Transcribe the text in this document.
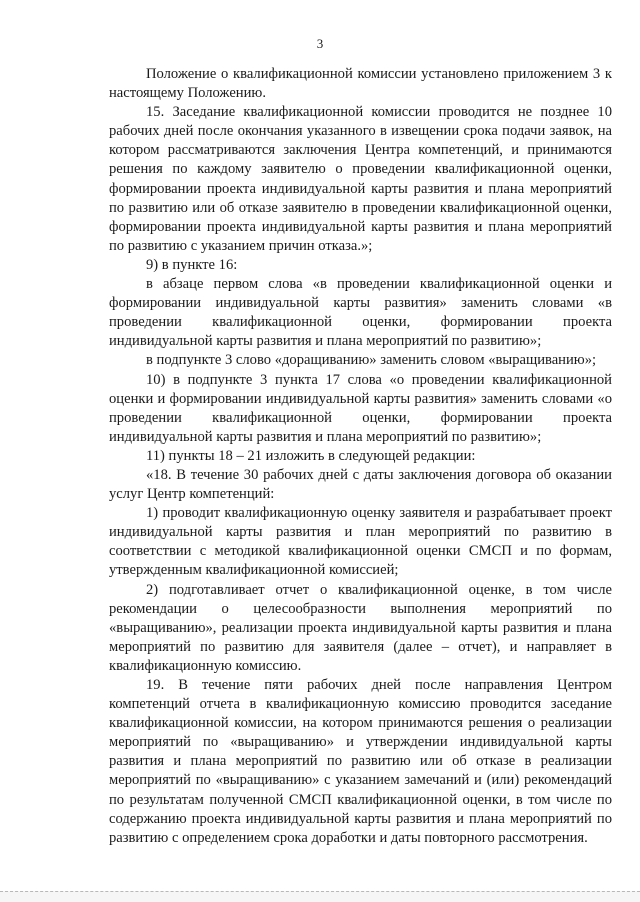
3

Положение о квалификационной комиссии установлено приложением 3 к настоящему Положению.

15. Заседание квалификационной комиссии проводится не позднее 10 рабочих дней после окончания указанного в извещении срока подачи заявок, на котором рассматриваются заключения Центра компетенций, и принимаются решения по каждому заявителю о проведении квалификационной оценки, формировании проекта индивидуальной карты развития и плана мероприятий по развитию или об отказе заявителю в проведении квалификационной оценки, формировании проекта индивидуальной карты развития и плана мероприятий по развитию с указанием причин отказа.»;

9) в пункте 16:

в абзаце первом слова «в проведении квалификационной оценки и формировании индивидуальной карты развития» заменить словами «в проведении квалификационной оценки, формировании проекта индивидуальной карты развития и плана мероприятий по развитию»;

в подпункте 3 слово «доращиванию» заменить словом «выращиванию»;

10) в подпункте 3 пункта 17 слова «о проведении квалификационной оценки и формировании индивидуальной карты развития» заменить словами «о проведении квалификационной оценки, формировании проекта индивидуальной карты развития и плана мероприятий по развитию»;

11) пункты 18 – 21 изложить в следующей редакции:

«18. В течение 30 рабочих дней с даты заключения договора об оказании услуг Центр компетенций:

1) проводит квалификационную оценку заявителя и разрабатывает проект индивидуальной карты развития и план мероприятий по развитию в соответствии с методикой квалификационной оценки СМСП и по формам, утвержденным квалификационной комиссией;

2) подготавливает отчет о квалификационной оценке, в том числе рекомендации о целесообразности выполнения мероприятий по «выращиванию», реализации проекта индивидуальной карты развития и плана мероприятий по развитию для заявителя (далее – отчет), и направляет в квалификационную комиссию.

19. В течение пяти рабочих дней после направления Центром компетенций отчета в квалификационную комиссию проводится заседание квалификационной комиссии, на котором принимаются решения о реализации мероприятий по «выращиванию» и утверждении индивидуальной карты развития и плана мероприятий по развитию или об отказе в реализации мероприятий по «выращиванию» с указанием замечаний и (или) рекомендаций по результатам полученной СМСП квалификационной оценки, в том числе по содержанию проекта индивидуальной карты развития и плана мероприятий по развитию с определением срока доработки и даты повторного рассмотрения.
